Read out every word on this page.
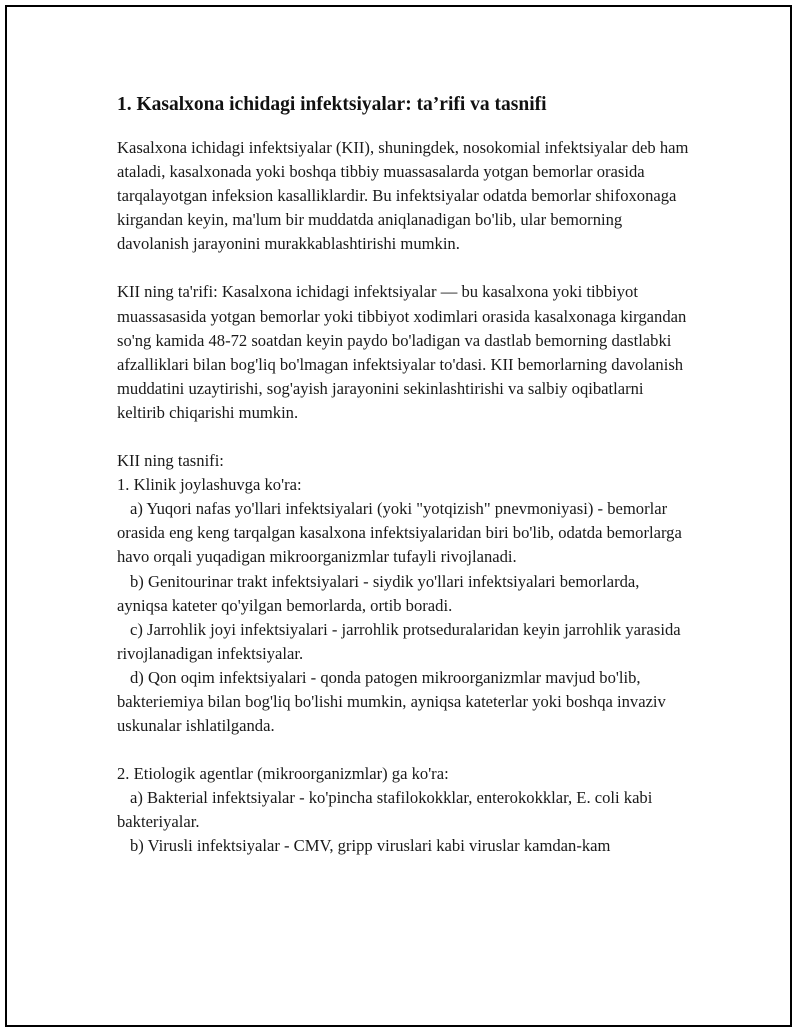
1. Kasalxona ichidagi infektsiyalar: ta’rifi va tasnifi

Kasalxona ichidagi infektsiyalar (KII), shuningdek, nosokomial infektsiyalar deb ham ataladi, kasalxonada yoki boshqa tibbiy muassasalarda yotgan bemorlar orasida tarqalayotgan infeksion kasalliklardir. Bu infektsiyalar odatda bemorlar shifoxonaga kirgandan keyin, ma'lum bir muddatda aniqlanadigan bo'lib, ular bemorning davolanish jarayonini murakkablashtirishi mumkin.

KII ning ta'rifi: Kasalxona ichidagi infektsiyalar — bu kasalxona yoki tibbiyot muassasasida yotgan bemorlar yoki tibbiyot xodimlari orasida kasalxonaga kirgandan so'ng kamida 48-72 soatdan keyin paydo bo'ladigan va dastlab bemorning dastlabki afzalliklari bilan bog'liq bo'lmagan infektsiyalar to'dasi. KII bemorlarning davolanish muddatini uzaytirishi, sog'ayish jarayonini sekinlashtirishi va salbiy oqibatlarni keltirib chiqarishi mumkin.

KII ning tasnifi:

1. Klinik joylashuvga ko'ra:

a) Yuqori nafas yo'llari infektsiyalari (yoki "yotqizish" pnevmoniyasi) - bemorlar orasida eng keng tarqalgan kasalxona infektsiyalaridan biri bo'lib, odatda bemorlarga havo orqali yuqadigan mikroorganizmlar tufayli rivojlanadi.

b) Genitourinar trakt infektsiyalari - siydik yo'llari infektsiyalari bemorlarda, ayniqsa kateter qo'yilgan bemorlarda, ortib boradi.

c) Jarrohlik joyi infektsiyalari - jarrohlik protseduralaridan keyin jarrohlik yarasida rivojlanadigan infektsiyalar.

d) Qon oqim infektsiyalari - qonda patogen mikroorganizmlar mavjud bo'lib, bakteriemiya bilan bog'liq bo'lishi mumkin, ayniqsa kateterlar yoki boshqa invaziv uskunalar ishlatilganda.

2. Etiologik agentlar (mikroorganizmlar) ga ko'ra:

a) Bakterial infektsiyalar - ko'pincha stafilokokklar, enterokokklar, E. coli kabi bakteriyalar.

b) Virusli infektsiyalar - CMV, gripp viruslari kabi viruslar kamdan-kam
